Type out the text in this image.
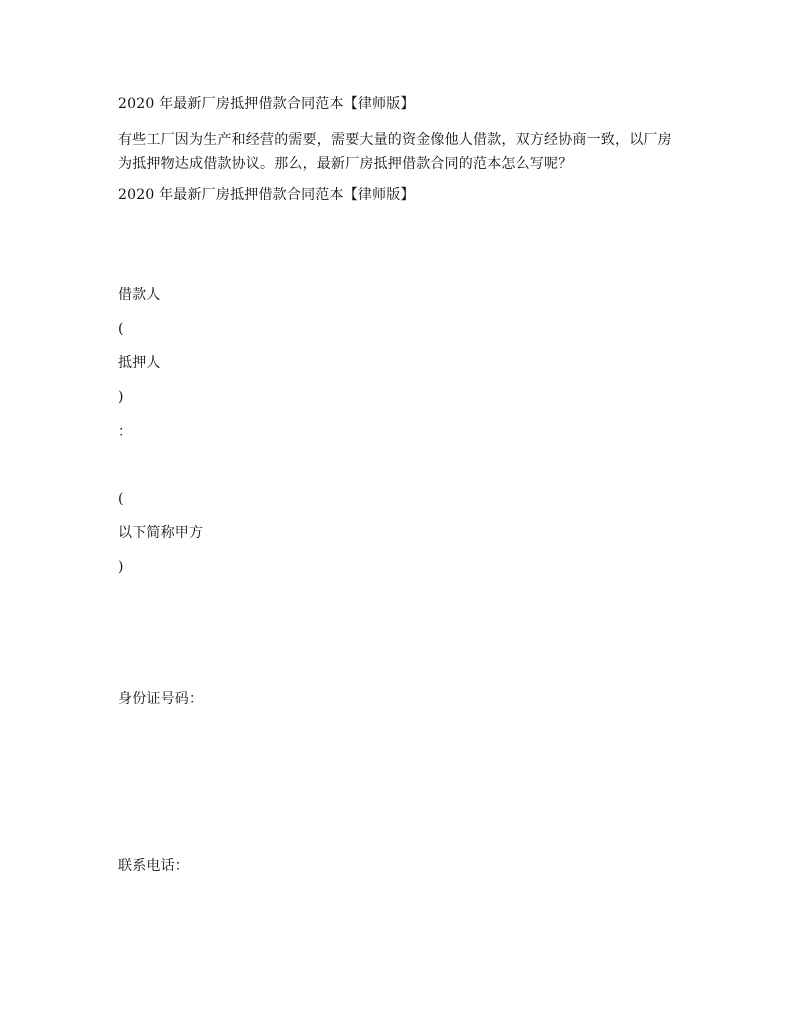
2020 年最新厂房抵押借款合同范本【律师版】
有些工厂因为生产和经营的需要，需要大量的资金像他人借款，双方经协商一致，以厂房
为抵押物达成借款协议。那么，最新厂房抵押借款合同的范本怎么写呢？
2020 年最新厂房抵押借款合同范本【律师版】
借款人
(
抵押人
)
：
(
以下简称甲方
)
身份证号码：
联系电话：
